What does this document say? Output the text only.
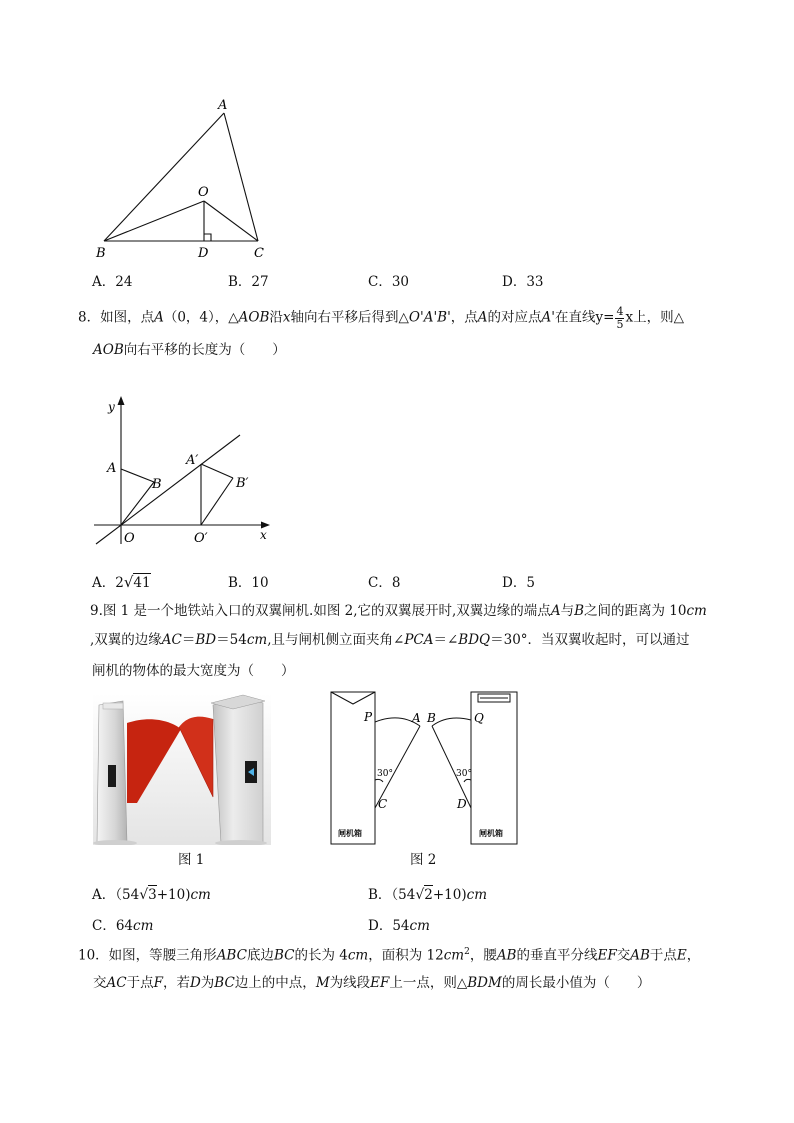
A
O
B	D	C
A．24	B．27	C．30	D．33
8．如图，点A（0，4），△AOB沿x轴向右平移后得到△O'A'B'，点A的对应点A'在直线$y= \frac{4}{5}$ x上，则△
AOB向右平移的长度为（　　）
y
x
A
B
O
A′
B′
O′
A．2√41	B．10	C．8	D．5
9.图 1 是一个地铁站入口的双翼闸机.如图 2,它的双翼展开时,双翼边缘的端点A与B之间的距离为 10cm
,双翼的边缘AC＝BD＝54cm,且与闸机侧立面夹角∠PCA＝∠BDQ＝30°．当双翼收起时，可以通过
闸机的物体的最大宽度为（　　）
图 1
P	A B	Q
C	D
30°	30°
闸机箱	闸机箱
图 2
A．（54√3+10)cm	B．（54√2+10)cm
C．64cm	D．54cm
10．如图，等腰三角形ABC底边BC的长为 4cm，面积为 $12cm^2$，腰AB的垂直平分线EF交AB于点E，
交AC于点F，若D为BC边上的中点，M为线段EF上一点，则△BDM的周长最小值为（　　）
